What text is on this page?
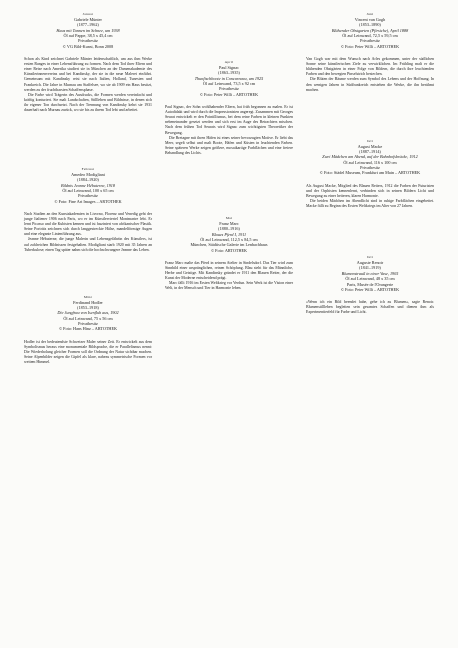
Januar
Gabriele Münter
(1877–1962)
Haus mit Tannen im Schnee, um 1938
Öl auf Pappe, 38,5 x 45,4 cm
Privatbesitz
© VG Bild-Kunst, Bonn 2008

Schon als Kind zeichnet Gabriele Münter leidenschaftlich, um aus ihm Werke ersten Ranges in einer Lebensführung zu formen. Nach dem Tod ihrer Eltern und einer Reise nach Amerika studiert sie in München an der Damenakademie des Künstlerinnenvereins und bei Kandinsky, der sie in die neue Malerei einführt. Gemeinsam mit Kandinsky reist sie nach Italien, Holland, Tunesien und Frankreich. Die Jahre in Murnau am Staffelsee, wo sie ab 1909 ein Haus besitzt, werden zu der fruchtbarsten Schaffensphase.

Die Farbe wird Trägerin des Ausdrucks, die Formen werden vereinfacht und kräftig konturiert. Sie malt Landschaften, Stillleben und Bildnisse, in denen sich ihr eigener Ton durchsetzt. Nach der Trennung von Kandinsky kehrt sie 1931 dauerhaft nach Murnau zurück, wo sie bis zu ihrem Tod lebt und arbeitet.

Februar
Amedeo Modigliani
(1884–1920)
Bildnis Jeanne Hébuterne, 1918
Öl auf Leinwand, 100 x 65 cm
Privatbesitz
© Foto: Fine Art Images – ARTOTHEK

Nach Studien an den Kunstakademien in Livorno, Florenz und Venedig geht der junge Italiener 1906 nach Paris, wo er im Künstlerviertel Montmartre lebt. Er lernt Picasso und die Kubisten kennen und ist fasziniert von afrikanischer Plastik. Seine Porträts zeichnen sich durch langgestreckte Hälse, mandelförmige Augen und eine elegante Linienführung aus.

Jeanne Hébuterne, die junge Malerin und Lebensgefährtin des Künstlers, ist auf zahlreichen Bildnissen festgehalten. Modigliani starb 1920 mit 35 Jahren an Tuberkulose; einen Tag später nahm sich die hochschwangere Jeanne das Leben.

März
Ferdinand Hodler
(1853–1918)
Die Jungfrau von Isenfluh aus, 1902
Öl auf Leinwand, 75 x 56 cm
Privatbesitz
© Foto: Hans Hinz – ARTOTHEK

Hodler ist der bedeutendste Schweizer Maler seiner Zeit. Er entwickelt aus dem Symbolismus heraus eine monumentale Bildsprache, die er Parallelismus nennt: Die Wiederholung gleicher Formen soll die Ordnung der Natur sichtbar machen. Seine Alpenbilder zeigen die Gipfel als klare, nahezu symmetrische Formen vor weitem Himmel.

April
Paul Signac
(1863–1935)
Thunfischboote in Concarneau, um 1925
Öl auf Leinwand, 73,5 x 92 cm
Privatbesitz
© Foto: Peter Willi – ARTOTHEK

Paul Signac, der Sohn wohlhabender Eltern, hat früh begonnen zu malen. Er ist Autodidakt und wird durch die Impressionisten angeregt. Zusammen mit Georges Seurat entwickelt er den Pointillismus, bei dem reine Farben in kleinen Punkten nebeneinander gesetzt werden und sich erst im Auge des Betrachters mischen. Nach dem frühen Tod Seurats wird Signac zum wichtigsten Theoretiker der Bewegung.

Die Bretagne mit ihren Häfen ist eines seiner bevorzugten Motive. Er liebt das Meer, segelt selbst und malt Boote, Häfen und Küsten in leuchtenden Farben. Seine späteren Werke zeigen größere, mosaikartige Farbflächen und eine freiere Behandlung des Lichts.

Mai
Franz Marc
(1880–1916)
Blaues Pferd I, 1911
Öl auf Leinwand, 112,5 x 84,5 cm
München, Städtische Galerie im Lenbachhaus
© Foto: ARTOTHEK

Franz Marc malte das Pferd in seinem Atelier in Sindelsdorf. Das Tier wird zum Sinnbild einer ursprünglichen, reinen Schöpfung. Blau steht für das Männliche, Herbe und Geistige. Mit Kandinsky gründet er 1911 den Blauen Reiter, der die Kunst der Moderne entscheidend prägt.

Marc fällt 1916 im Ersten Weltkrieg vor Verdun. Sein Werk ist die Vision einer Welt, in der Mensch und Tier in Harmonie leben.

Juni
Vincent van Gogh
(1853–1890)
Blühender Obstgarten (Pfirsiche), April 1888
Öl auf Leinwand, 72,5 x 59,5 cm
Privatbesitz
© Foto: Peter Willi – ARTOTHEK

Van Gogh war mit dem Wunsch nach Arles gekommen, unter der südlichen Sonne seine künstlerischen Ziele zu verwirklichen. Im Frühling malt er die blühenden Obstgärten in einer Folge von Bildern, die durch ihre leuchtenden Farben und den bewegten Pinselstrich bestechen.

Die Blüten der Bäume werden zum Symbol des Lebens und der Hoffnung. In den wenigen Jahren in Südfrankreich entstehen die Werke, die ihn berühmt machen.

Juli
August Macke
(1887–1914)
Zwei Mädchen am Abend, auf der Bahnhofsbrücke, 1912
Öl auf Leinwand, 116 x 100 cm
Privatbesitz
© Foto: Städel Museum, Frankfurt am Main – ARTOTHEK

Als August Macke, Mitglied des Blauen Reiters, 1912 die Farben der Futuristen und der Orphisten kennenlernt, verbinden sich in seinen Bildern Licht und Bewegung zu einer heiteren, klaren Harmonie.

Die beiden Mädchen im Abendlicht sind in ruhige Farbflächen eingebettet. Macke fällt zu Beginn des Ersten Weltkriegs im Alter von 27 Jahren.

Juli
Auguste Renoir
(1841–1919)
Blumenstrauß in einer Vase, 1905
Öl auf Leinwand, 48 x 35 cm
Paris, Musée de l'Orangerie
© Foto: Peter Willi – ARTOTHEK

»Wenn ich ein Bild beendet habe, gehe ich zu Blumen«, sagte Renoir. Blumenstillleben begleiten sein gesamtes Schaffen und dienen ihm als Experimentierfeld für Farbe und Licht.
